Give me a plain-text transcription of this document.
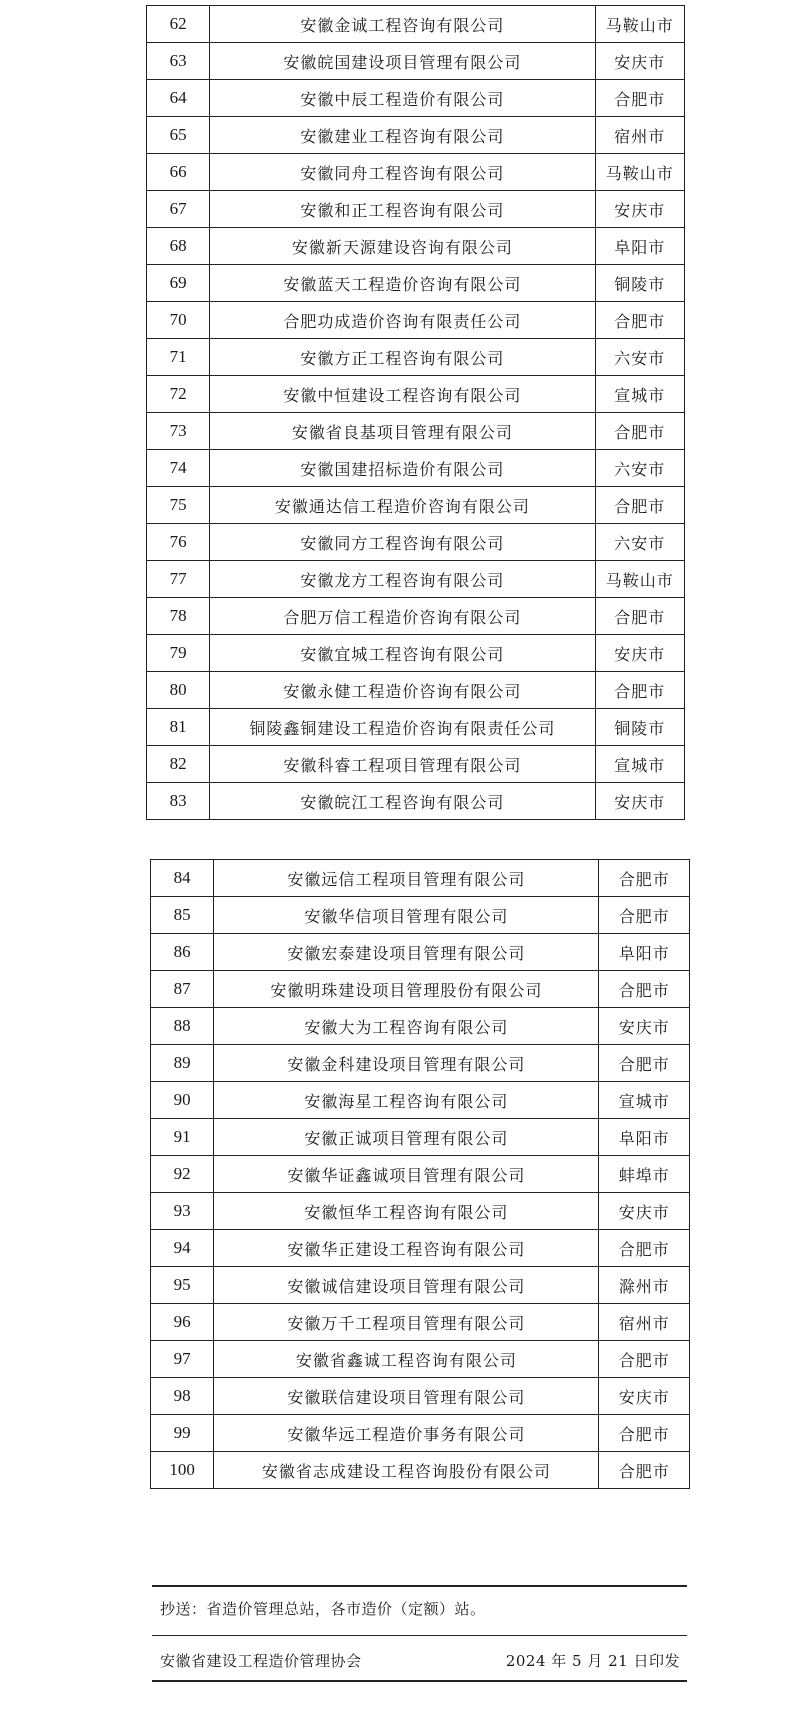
62	安徽金诚工程咨询有限公司	马鞍山市
63	安徽皖国建设项目管理有限公司	安庆市
64	安徽中辰工程造价有限公司	合肥市
65	安徽建业工程咨询有限公司	宿州市
66	安徽同舟工程咨询有限公司	马鞍山市
67	安徽和正工程咨询有限公司	安庆市
68	安徽新天源建设咨询有限公司	阜阳市
69	安徽蓝天工程造价咨询有限公司	铜陵市
70	合肥功成造价咨询有限责任公司	合肥市
71	安徽方正工程咨询有限公司	六安市
72	安徽中恒建设工程咨询有限公司	宣城市
73	安徽省良基项目管理有限公司	合肥市
74	安徽国建招标造价有限公司	六安市
75	安徽通达信工程造价咨询有限公司	合肥市
76	安徽同方工程咨询有限公司	六安市
77	安徽龙方工程咨询有限公司	马鞍山市
78	合肥万信工程造价咨询有限公司	合肥市
79	安徽宜城工程咨询有限公司	安庆市
80	安徽永健工程造价咨询有限公司	合肥市
81	铜陵鑫铜建设工程造价咨询有限责任公司	铜陵市
82	安徽科睿工程项目管理有限公司	宣城市
83	安徽皖江工程咨询有限公司	安庆市
84	安徽远信工程项目管理有限公司	合肥市
85	安徽华信项目管理有限公司	合肥市
86	安徽宏泰建设项目管理有限公司	阜阳市
87	安徽明珠建设项目管理股份有限公司	合肥市
88	安徽大为工程咨询有限公司	安庆市
89	安徽金科建设项目管理有限公司	合肥市
90	安徽海星工程咨询有限公司	宣城市
91	安徽正诚项目管理有限公司	阜阳市
92	安徽华证鑫诚项目管理有限公司	蚌埠市
93	安徽恒华工程咨询有限公司	安庆市
94	安徽华正建设工程咨询有限公司	合肥市
95	安徽诚信建设项目管理有限公司	滁州市
96	安徽万千工程项目管理有限公司	宿州市
97	安徽省鑫诚工程咨询有限公司	合肥市
98	安徽联信建设项目管理有限公司	安庆市
99	安徽华远工程造价事务有限公司	合肥市
100	安徽省志成建设工程咨询股份有限公司	合肥市
抄送：省造价管理总站，各市造价（定额）站。
安徽省建设工程造价管理协会	2024 年 5 月 21 日印发
